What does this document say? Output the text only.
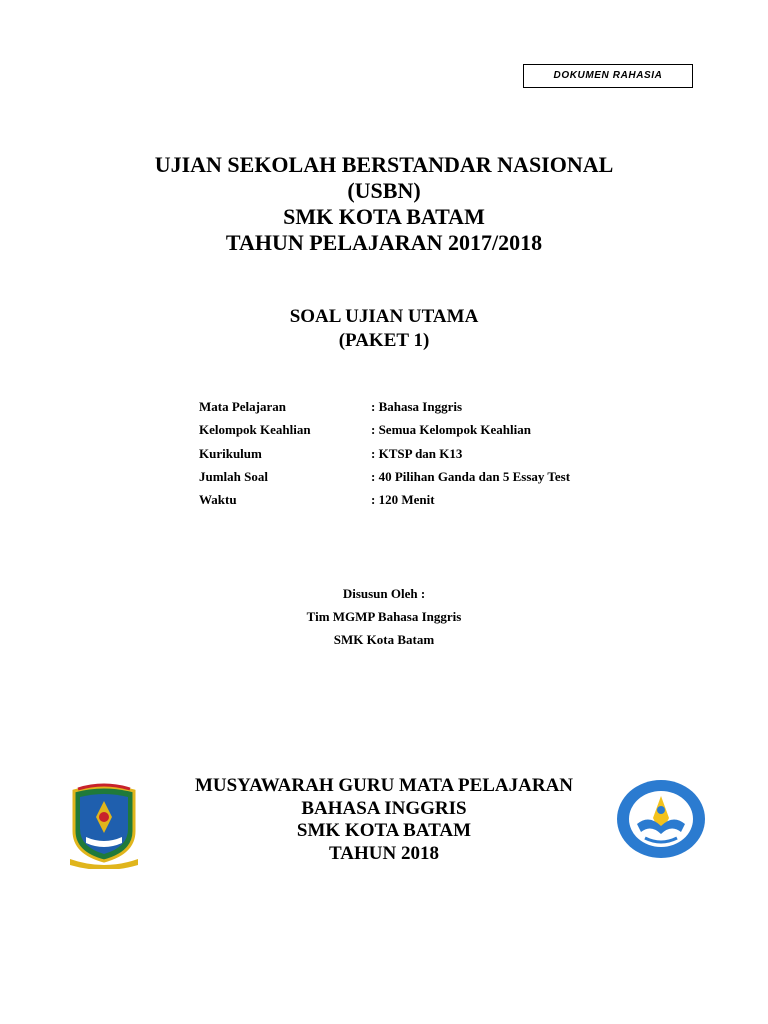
DOKUMEN RAHASIA
UJIAN SEKOLAH BERSTANDAR NASIONAL
(USBN)
SMK KOTA BATAM
TAHUN PELAJARAN 2017/2018
SOAL UJIAN UTAMA
(PAKET 1)
Mata Pelajaran	: Bahasa Inggris
Kelompok Keahlian	: Semua Kelompok Keahlian
Kurikulum	: KTSP dan K13
Jumlah Soal	: 40 Pilihan Ganda dan 5 Essay Test
Waktu	: 120 Menit
Disusun Oleh :
Tim MGMP Bahasa Inggris
SMK Kota Batam
MUSYAWARAH GURU MATA PELAJARAN
BAHASA INGGRIS
SMK KOTA BATAM
TAHUN 2018
